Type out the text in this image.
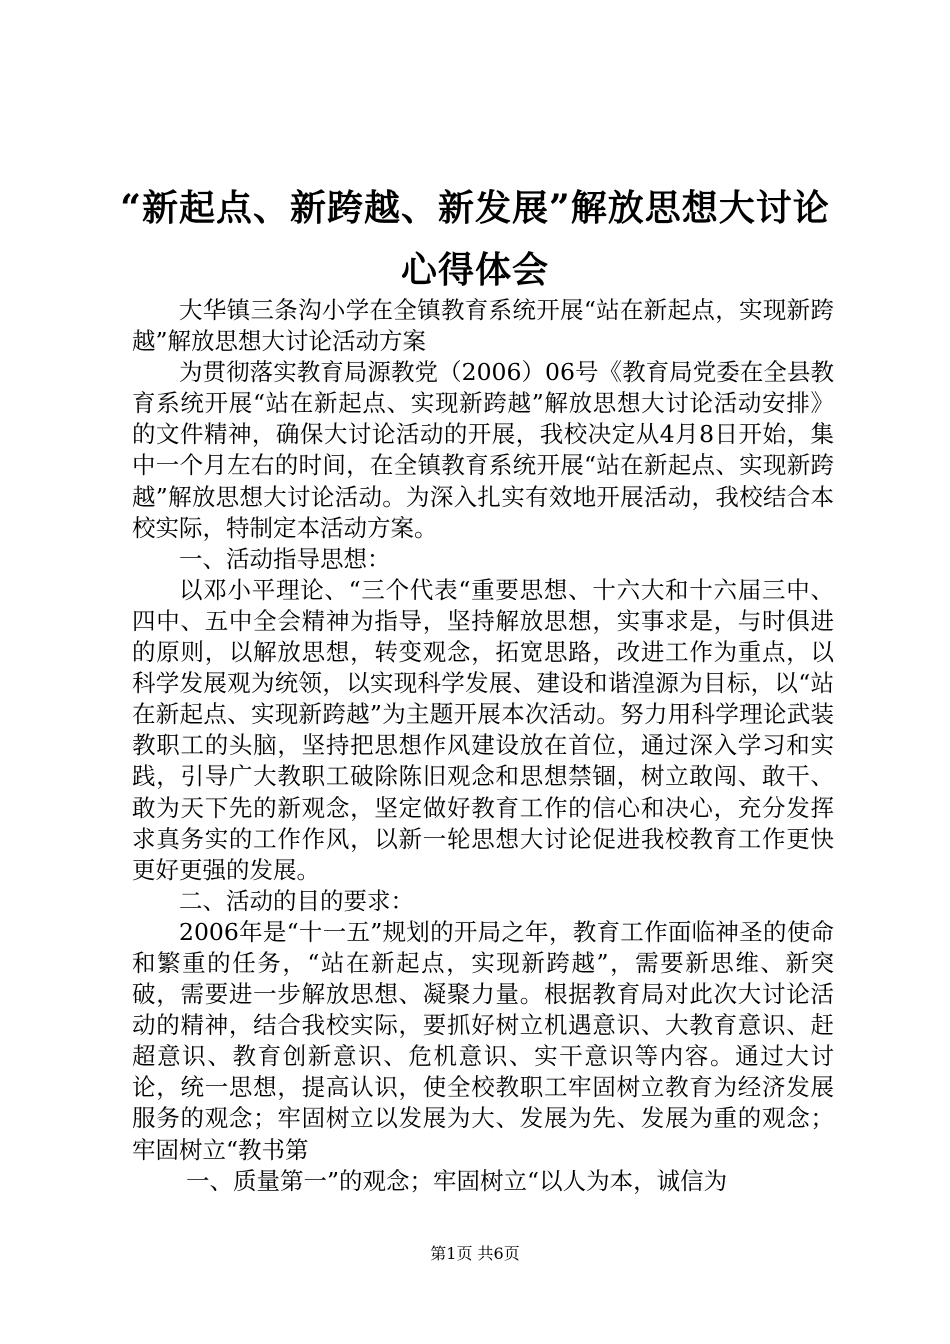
“新起点、新跨越、新发展”解放思想大讨论
心得体会

大华镇三条沟小学在全镇教育系统开展“站在新起点，实现新跨越”解放思想大讨论活动方案

为贯彻落实教育局源教党（2006）06号《教育局党委在全县教育系统开展“站在新起点、实现新跨越”解放思想大讨论活动安排》的文件精神，确保大讨论活动的开展，我校决定从4月8日开始，集中一个月左右的时间，在全镇教育系统开展“站在新起点、实现新跨越”解放思想大讨论活动。为深入扎实有效地开展活动，我校结合本校实际，特制定本活动方案。

一、活动指导思想：

以邓小平理论、“三个代表“重要思想、十六大和十六届三中、四中、五中全会精神为指导，坚持解放思想，实事求是，与时俱进的原则，以解放思想，转变观念，拓宽思路，改进工作为重点，以科学发展观为统领，以实现科学发展、建设和谐湟源为目标，以“站在新起点、实现新跨越”为主题开展本次活动。努力用科学理论武装教职工的头脑，坚持把思想作风建设放在首位，通过深入学习和实践，引导广大教职工破除陈旧观念和思想禁锢，树立敢闯、敢干、敢为天下先的新观念，坚定做好教育工作的信心和决心，充分发挥求真务实的工作作风，以新一轮思想大讨论促进我校教育工作更快更好更强的发展。

二、活动的目的要求：

2006年是“十一五”规划的开局之年，教育工作面临神圣的使命和繁重的任务，“站在新起点，实现新跨越”，需要新思维、新突破，需要进一步解放思想、凝聚力量。根据教育局对此次大讨论活动的精神，结合我校实际，要抓好树立机遇意识、大教育意识、赶超意识、教育创新意识、危机意识、实干意识等内容。通过大讨论，统一思想，提高认识，使全校教职工牢固树立教育为经济发展服务的观念；牢固树立以发展为大、发展为先、发展为重的观念；牢固树立“教书第

一、质量第一”的观念；牢固树立“以人为本，诚信为

第1页 共6页
